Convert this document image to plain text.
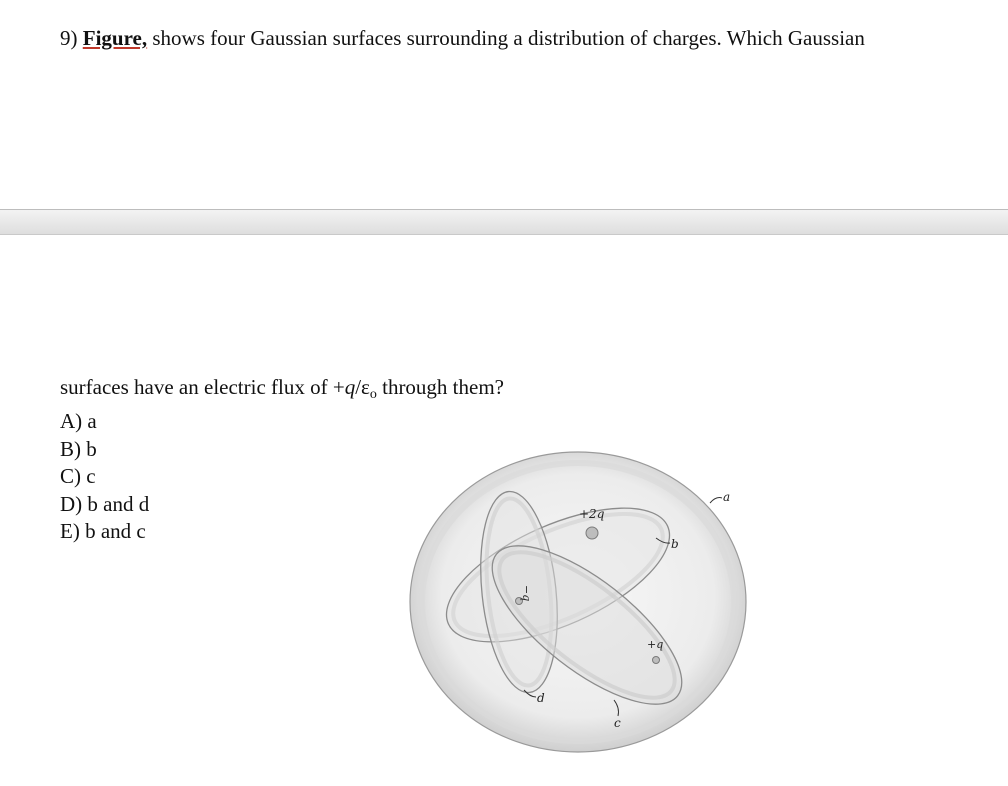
9) Figure, shows four Gaussian surfaces surrounding a distribution of charges. Which Gaussian
surfaces have an electric flux of $+q/\varepsilon_o$ through them?
A) a
B) b
C) c
D) b and d
E) b and c
+2q
−q
+q
a
b
c
d
